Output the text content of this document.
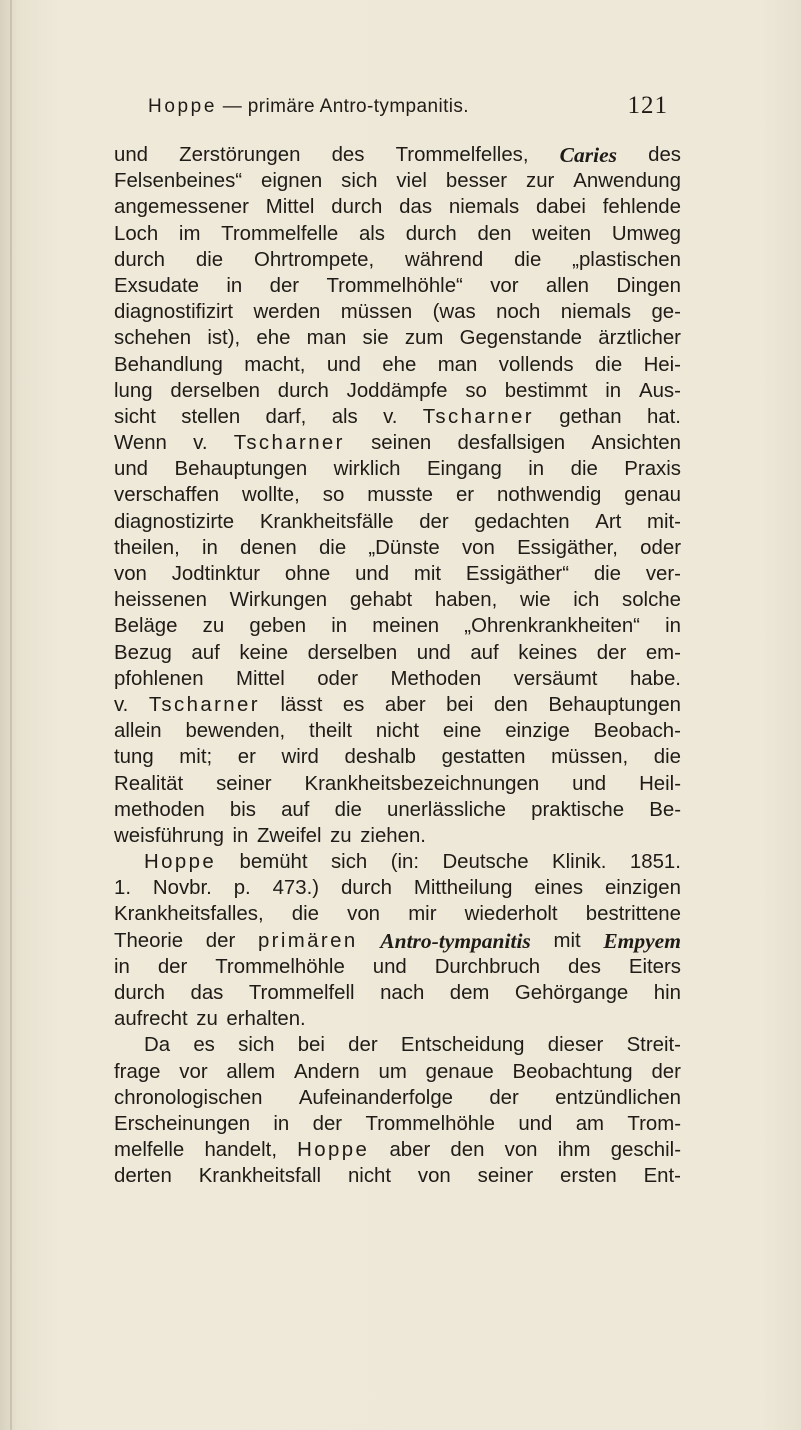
Hoppe — primäre Antro-tympanitis.	121
und Zerstörungen des Trommelfelles, Caries des
Felsenbeines“ eignen sich viel besser zur Anwendung
angemessener Mittel durch das niemals dabei fehlende
Loch im Trommelfelle als durch den weiten Umweg
durch die Ohrtrompete, während die „plastischen
Exsudate in der Trommelhöhle“ vor allen Dingen
diagnostifizirt werden müssen (was noch niemals ge-
schehen ist), ehe man sie zum Gegenstande ärztlicher
Behandlung macht, und ehe man vollends die Hei-
lung derselben durch Joddämpfe so bestimmt in Aus-
sicht stellen darf, als v. Tscharner gethan hat.
Wenn v. Tscharner seinen desfallsigen Ansichten
und Behauptungen wirklich Eingang in die Praxis
verschaffen wollte, so musste er nothwendig genau
diagnostizirte Krankheitsfälle der gedachten Art mit-
theilen, in denen die „Dünste von Essigäther, oder
von Jodtinktur ohne und mit Essigäther“ die ver-
heissenen Wirkungen gehabt haben, wie ich solche
Beläge zu geben in meinen „Ohrenkrankheiten“ in
Bezug auf keine derselben und auf keines der em-
pfohlenen Mittel oder Methoden versäumt habe.
v. Tscharner lässt es aber bei den Behauptungen
allein bewenden, theilt nicht eine einzige Beobach-
tung mit; er wird deshalb gestatten müssen, die
Realität seiner Krankheitsbezeichnungen und Heil-
methoden bis auf die unerlässliche praktische Be-
weisführung in Zweifel zu ziehen.
Hoppe bemüht sich (in: Deutsche Klinik. 1851.
1. Novbr. p. 473.) durch Mittheilung eines einzigen
Krankheitsfalles, die von mir wiederholt bestrittene
Theorie der primären Antro-tympanitis mit Empyem
in der Trommelhöhle und Durchbruch des Eiters
durch das Trommelfell nach dem Gehörgange hin
aufrecht zu erhalten.
Da es sich bei der Entscheidung dieser Streit-
frage vor allem Andern um genaue Beobachtung der
chronologischen Aufeinanderfolge der entzündlichen
Erscheinungen in der Trommelhöhle und am Trom-
melfelle handelt, Hoppe aber den von ihm geschil-
derten Krankheitsfall nicht von seiner ersten Ent-
